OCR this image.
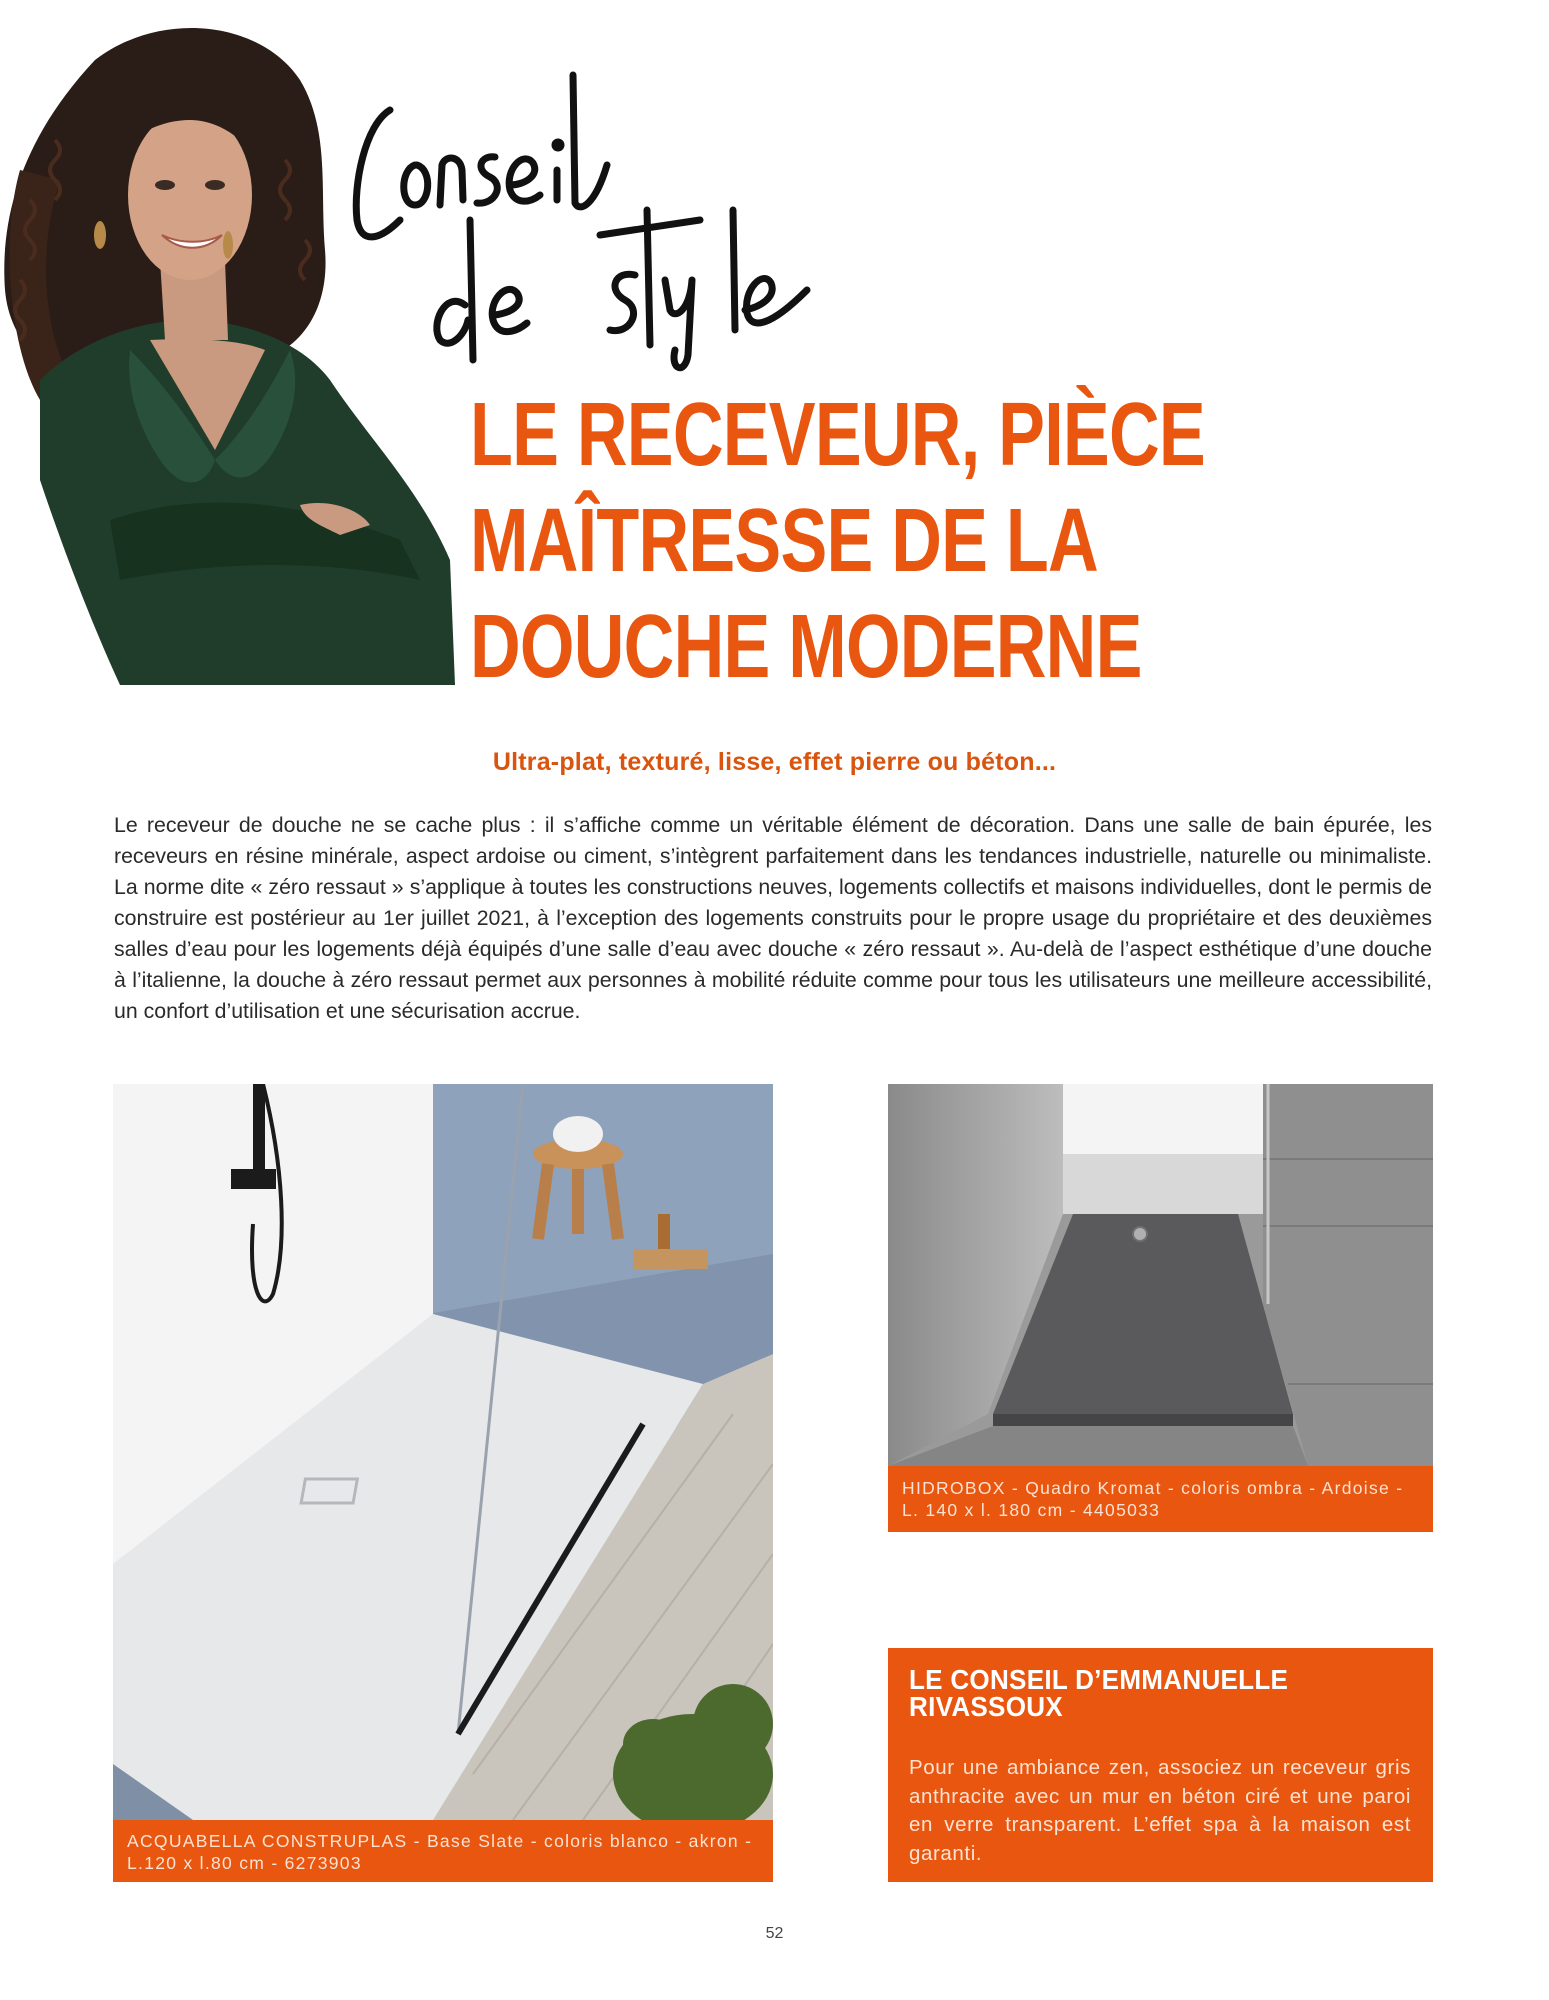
LE RECEVEUR, PIÈCE
MAÎTRESSE DE LA
DOUCHE MODERNE

Ultra-plat, texturé, lisse, effet pierre ou béton...

Le receveur de douche ne se cache plus : il s’affiche comme un véritable élément de décoration. Dans une salle de bain épurée, les receveurs en résine minérale, aspect ardoise ou ciment, s’intègrent parfaitement dans les tendances industrielle, naturelle ou minimaliste. La norme dite « zéro ressaut » s’applique à toutes les constructions neuves, logements collectifs et maisons individuelles, dont le permis de construire est postérieur au 1er juillet 2021, à l’exception des logements construits pour le propre usage du propriétaire et des deuxièmes salles d’eau pour les logements déjà équipés d’une salle d’eau avec douche « zéro ressaut ». Au-delà de l’aspect esthétique d’une douche à l’italienne, la douche à zéro ressaut permet aux personnes à mobilité réduite comme pour tous les utilisateurs une meilleure accessibilité, un confort d’utilisation et une sécurisation accrue.

ACQUABELLA CONSTRUPLAS - Base Slate - coloris blanco - akron -
L.120 x l.80 cm - 6273903
HIDROBOX - Quadro Kromat - coloris ombra - Ardoise -
L. 140 x l. 180 cm - 4405033
LE CONSEIL D’EMMANUELLE
RIVASSOUX

Pour une ambiance zen, associez un receveur gris anthracite avec un mur en béton ciré et une paroi en verre transparent. L’effet spa à la maison est garanti.

52
